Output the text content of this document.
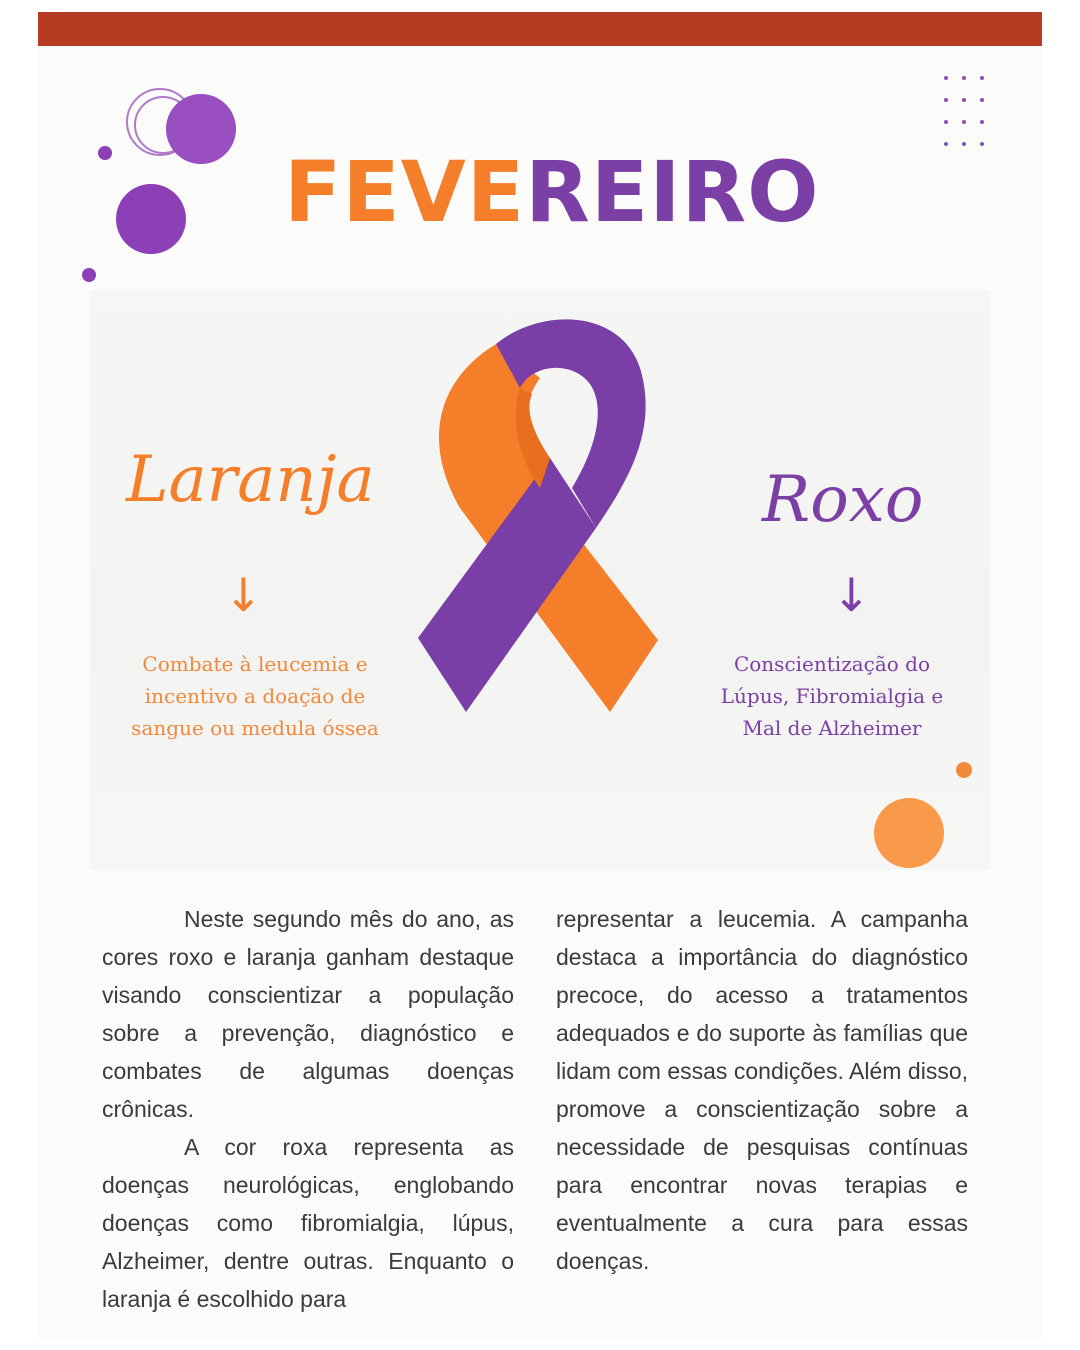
FEVEREIRO
Laranja
↓
Combate à leucemia e
incentivo a doação de
sangue ou medula óssea
Roxo
↓
Conscientização do
Lúpus, Fibromialgia e
Mal de Alzheimer

Neste segundo mês do ano, as cores roxo e laranja ganham destaque visando conscientizar a população sobre a prevenção, diagnóstico e combates de algumas doenças crônicas.

A cor roxa representa as doenças neurológicas, englobando doenças como fibromialgia, lúpus, Alzheimer, dentre outras. Enquanto o laranja é escolhido para

representar a leucemia. A campanha destaca a importância do diagnóstico precoce, do acesso a tratamentos adequados e do suporte às famílias que lidam com essas condições. Além disso, promove a conscientização sobre a necessidade de pesquisas contínuas para encontrar novas terapias e eventualmente a cura para essas doenças.
